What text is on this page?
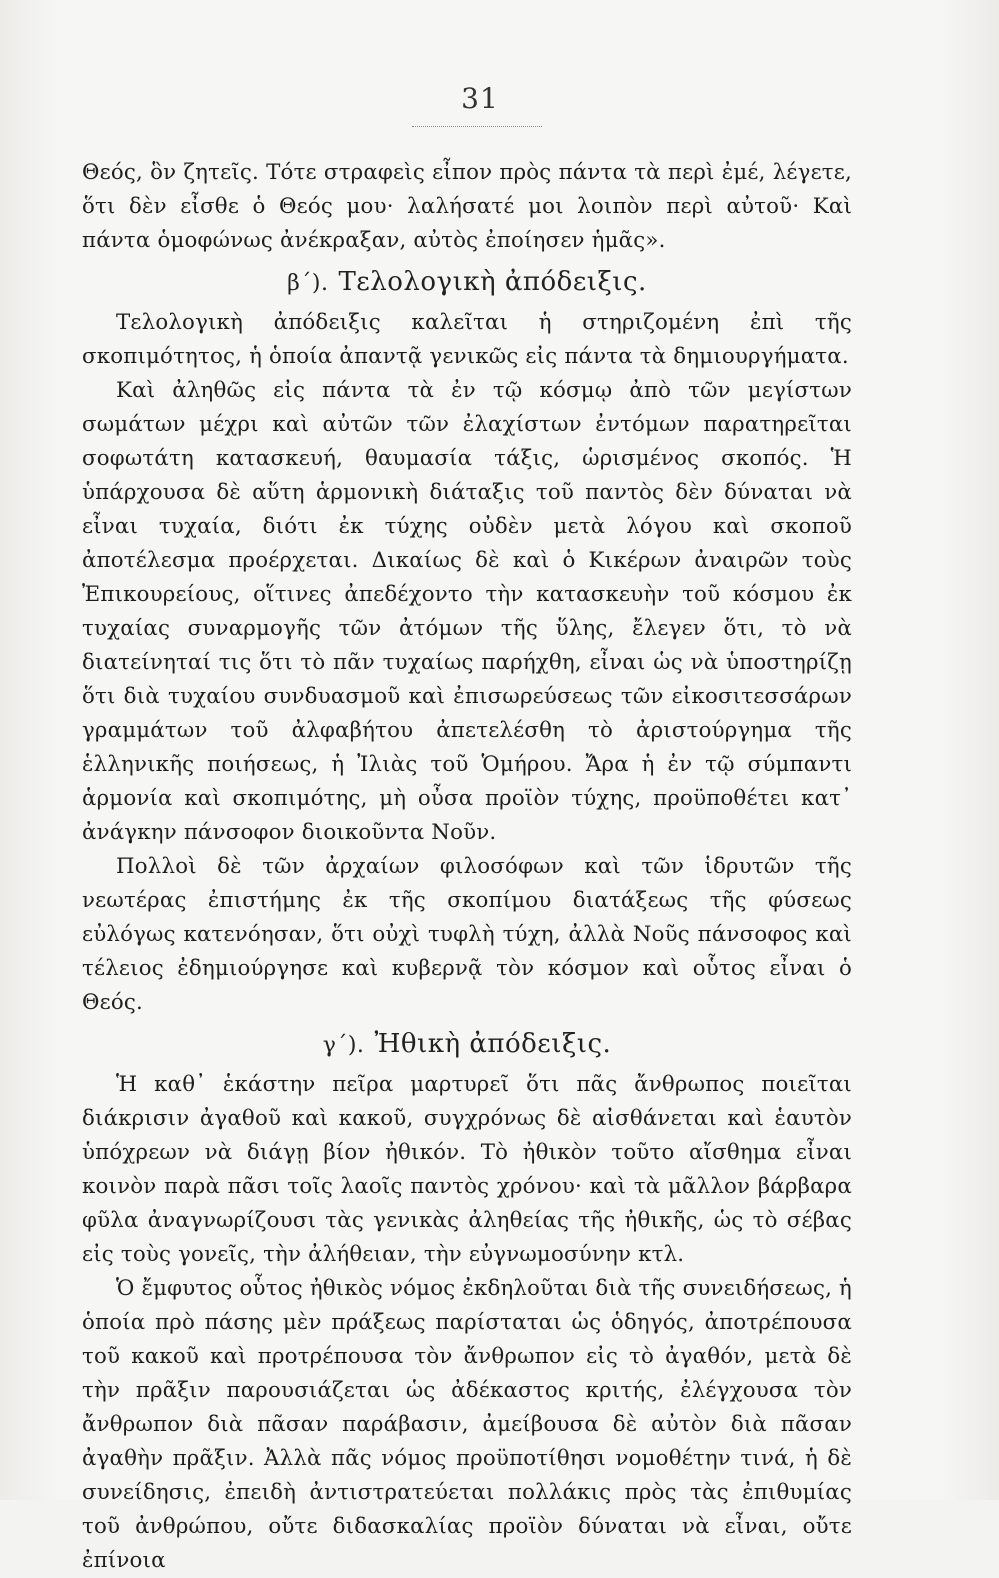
31

Θεός, ὃν ζητεῖς. Τότε στραφεὶς εἶπον πρὸς πάντα τὰ περὶ ἐμέ, λέγετε, ὅτι δὲν εἶσθε ὁ Θεός μου· λαλήσατέ μοι λοιπὸν περὶ αὐτοῦ· Καὶ πάντα ὁμοφώνως ἀνέκραξαν, αὐτὸς ἐποίησεν ἡμᾶς».

β΄). Τελολογικὴ ἀπόδειξις.

Τελολογικὴ ἀπόδειξις καλεῖται ἡ στηριζομένη ἐπὶ τῆς σκοπιμότητος, ἡ ὁποία ἀπαντᾷ γενικῶς εἰς πάντα τὰ δημιουργήματα.

Καὶ ἀληθῶς εἰς πάντα τὰ ἐν τῷ κόσμῳ ἀπὸ τῶν μεγίστων σωμάτων μέχρι καὶ αὐτῶν τῶν ἐλαχίστων ἐντόμων παρατηρεῖται σοφωτάτη κατασκευή, θαυμασία τάξις, ὡρισμένος σκοπός. Ἡ ὑπάρχουσα δὲ αὕτη ἁρμονικὴ διάταξις τοῦ παντὸς δὲν δύναται νὰ εἶναι τυχαία, διότι ἐκ τύχης οὐδὲν μετὰ λόγου καὶ σκοποῦ ἀποτέλεσμα προέρχεται. Δικαίως δὲ καὶ ὁ Κικέρων ἀναιρῶν τοὺς Ἐπικουρείους, οἵτινες ἀπεδέχοντο τὴν κατασκευὴν τοῦ κόσμου ἐκ τυχαίας συναρμογῆς τῶν ἀτόμων τῆς ὕλης, ἔλεγεν ὅτι, τὸ νὰ διατείνηταί τις ὅτι τὸ πᾶν τυχαίως παρήχθη, εἶναι ὡς νὰ ὑποστηρίζῃ ὅτι διὰ τυχαίου συνδυασμοῦ καὶ ἐπισωρεύσεως τῶν εἰκοσιτεσσάρων γραμμάτων τοῦ ἀλφαβήτου ἀπετελέσθη τὸ ἀριστούργημα τῆς ἑλληνικῆς ποιήσεως, ἡ Ἰλιὰς τοῦ Ὁμήρου. Ἄρα ἡ ἐν τῷ σύμπαντι ἁρμονία καὶ σκοπιμότης, μὴ οὖσα προϊὸν τύχης, προϋποθέτει κατ᾽ ἀνάγκην πάνσοφον διοικοῦντα Νοῦν.

Πολλοὶ δὲ τῶν ἀρχαίων φιλοσόφων καὶ τῶν ἱδρυτῶν τῆς νεωτέρας ἐπιστήμης ἐκ τῆς σκοπίμου διατάξεως τῆς φύσεως εὐλόγως κατενόησαν, ὅτι οὐχὶ τυφλὴ τύχη, ἀλλὰ Νοῦς πάνσοφος καὶ τέλειος ἐδημιούργησε καὶ κυβερνᾷ τὸν κόσμον καὶ οὗτος εἶναι ὁ Θεός.

γ΄). Ἠθικὴ ἀπόδειξις.

Ἡ καθ᾽ ἑκάστην πεῖρα μαρτυρεῖ ὅτι πᾶς ἄνθρωπος ποιεῖται διάκρισιν ἀγαθοῦ καὶ κακοῦ, συγχρόνως δὲ αἰσθάνεται καὶ ἑαυτὸν ὑπόχρεων νὰ διάγῃ βίον ἠθικόν. Τὸ ἠθικὸν τοῦτο αἴσθημα εἶναι κοινὸν παρὰ πᾶσι τοῖς λαοῖς παντὸς χρόνου· καὶ τὰ μᾶλλον βάρβαρα φῦλα ἀναγνωρίζουσι τὰς γενικὰς ἀληθείας τῆς ἠθικῆς, ὡς τὸ σέβας εἰς τοὺς γονεῖς, τὴν ἀλήθειαν, τὴν εὐγνωμοσύνην κτλ.

Ὁ ἔμφυτος οὗτος ἠθικὸς νόμος ἐκδηλοῦται διὰ τῆς συνειδήσεως, ἡ ὁποία πρὸ πάσης μὲν πράξεως παρίσταται ὡς ὁδηγός, ἀποτρέπουσα τοῦ κακοῦ καὶ προτρέπουσα τὸν ἄνθρωπον εἰς τὸ ἀγαθόν, μετὰ δὲ τὴν πρᾶξιν παρουσιάζεται ὡς ἀδέκαστος κριτής, ἐλέγχουσα τὸν ἄνθρωπον διὰ πᾶσαν παράβασιν, ἀμείβουσα δὲ αὐτὸν διὰ πᾶσαν ἀγαθὴν πρᾶξιν. Ἀλλὰ πᾶς νόμος προϋποτίθησι νομοθέτην τινά, ἡ δὲ συνείδησις, ἐπειδὴ ἀντιστρατεύεται πολλάκις πρὸς τὰς ἐπιθυμίας τοῦ ἀνθρώπου, οὔτε διδασκαλίας προϊὸν δύναται νὰ εἶναι, οὔτε ἐπίνοια
